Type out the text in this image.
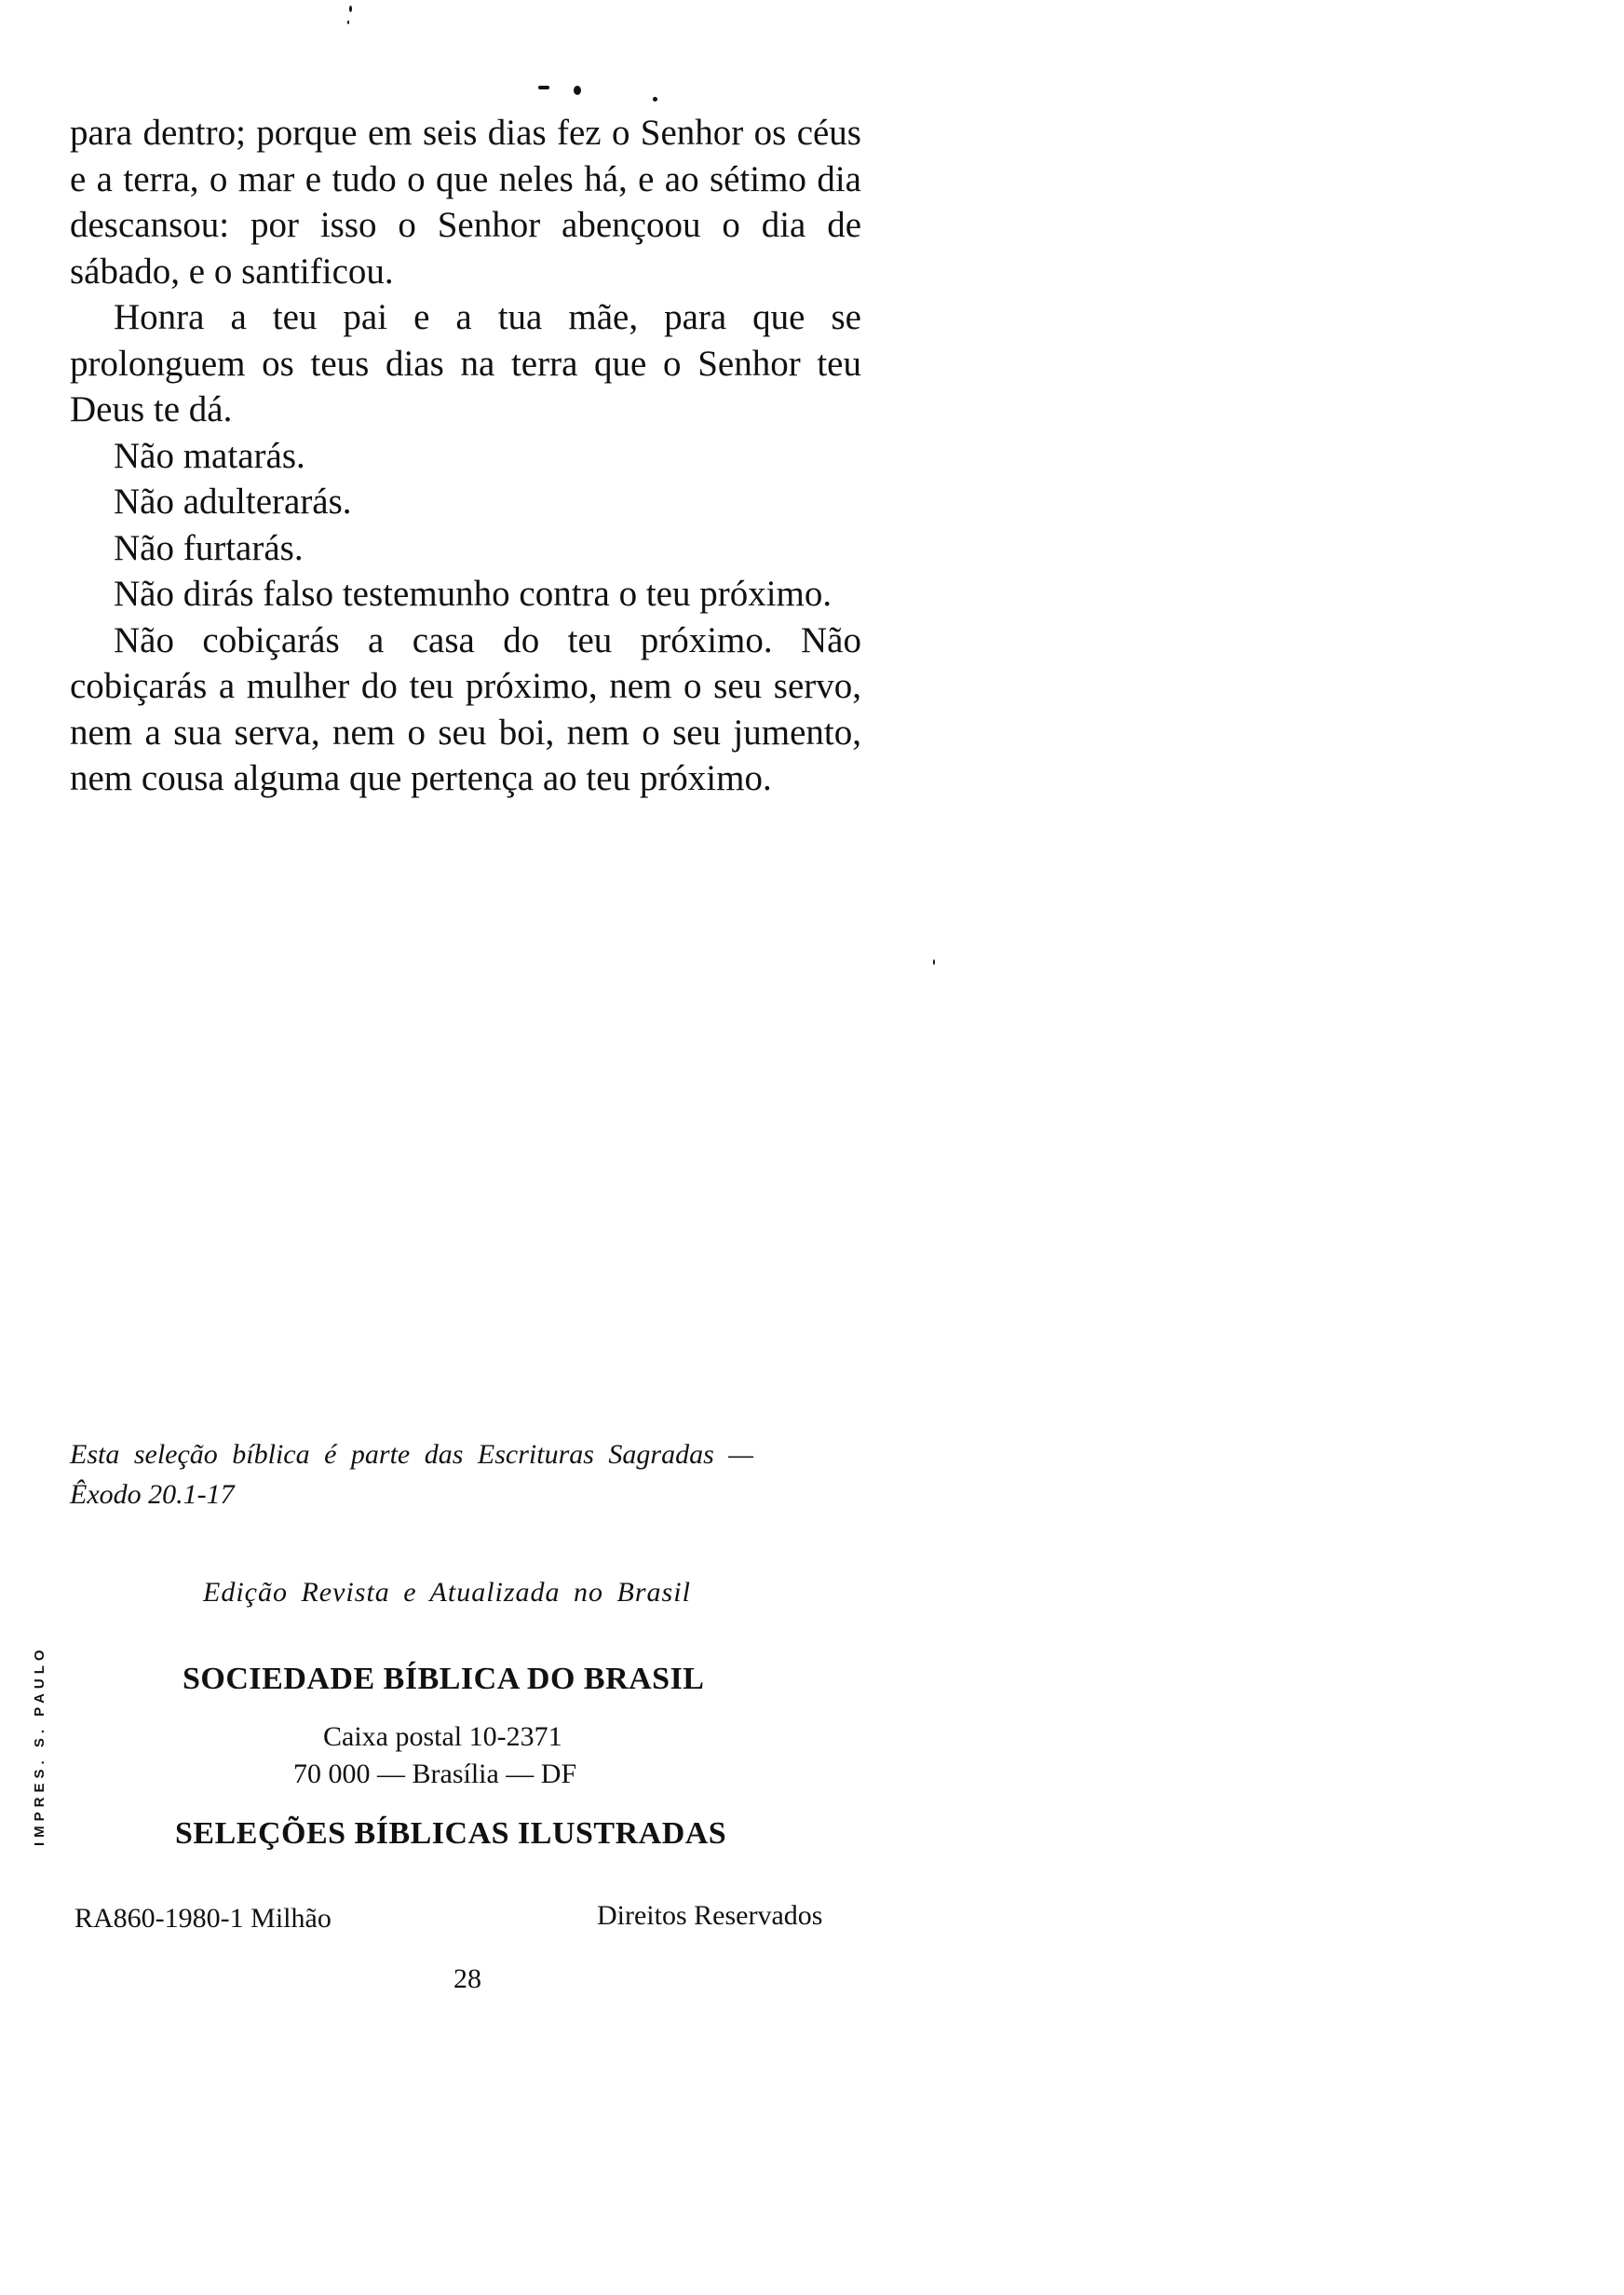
para dentro; porque em seis dias fez o Senhor os céus e a terra, o mar e tudo o que neles há, e ao sétimo dia descansou: por isso o Senhor abençoou o dia de sábado, e o santificou.

Honra a teu pai e a tua mãe, para que se prolonguem os teus dias na terra que o Senhor teu Deus te dá.

Não matarás.

Não adulterarás.

Não furtarás.

Não dirás falso testemunho contra o teu próximo.

Não cobiçarás a casa do teu próximo. Não cobiçarás a mulher do teu próximo, nem o seu servo, nem a sua serva, nem o seu boi, nem o seu jumento, nem cousa alguma que pertença ao teu próximo.

Esta seleção bíblica é parte das Escrituras Sagradas —
Êxodo 20.1-17
Edição Revista e Atualizada no Brasil
SOCIEDADE BÍBLICA DO BRASIL
Caixa postal 10-2371
70 000 — Brasília — DF
SELEÇÕES BÍBLICAS ILUSTRADAS
RA860-1980-1 Milhão	Direitos Reservados
28
IMPRES. S. PAULO
